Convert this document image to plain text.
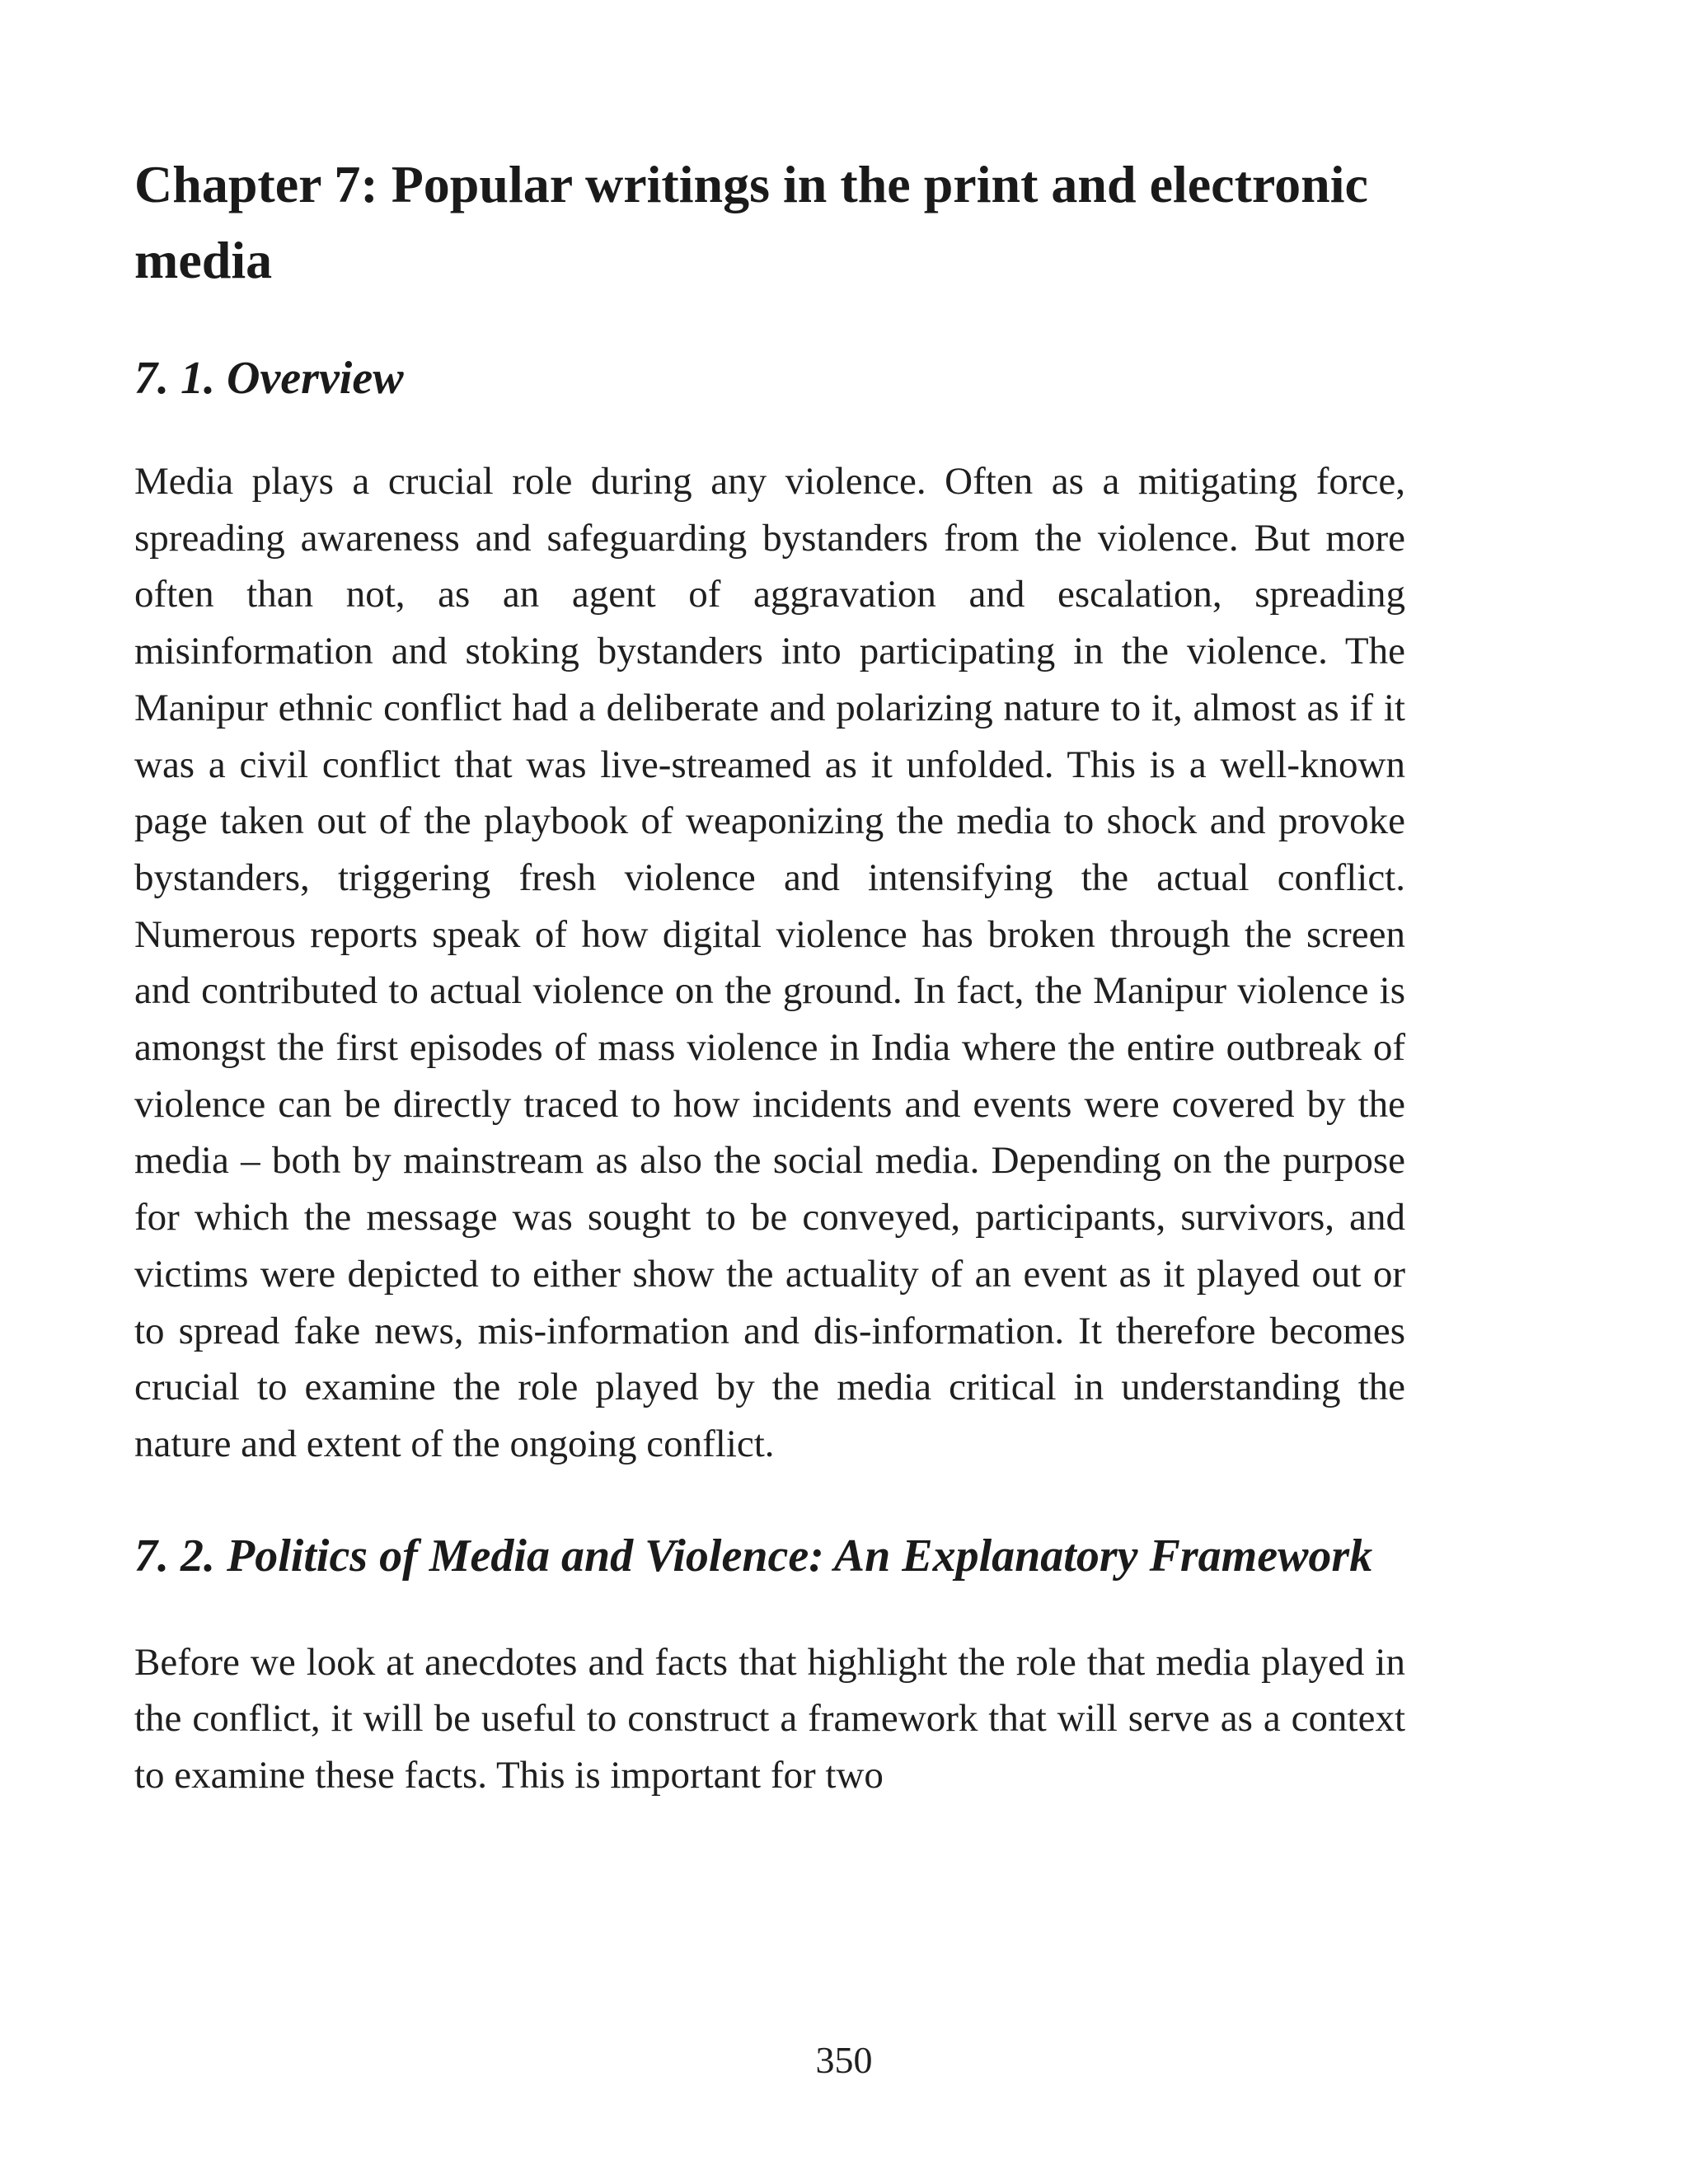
Chapter 7: Popular writings in the print and electronic media
7. 1. Overview

Media plays a crucial role during any violence. Often as a mitigating force, spreading awareness and safeguarding bystanders from the violence. But more often than not, as an agent of aggravation and escalation, spreading misinformation and stoking bystanders into participating in the violence. The Manipur ethnic conflict had a deliberate and polarizing nature to it, almost as if it was a civil conflict that was live-streamed as it unfolded. This is a well-known page taken out of the playbook of weaponizing the media to shock and provoke bystanders, triggering fresh violence and intensifying the actual conflict. Numerous reports speak of how digital violence has broken through the screen and contributed to actual violence on the ground. In fact, the Manipur violence is amongst the first episodes of mass violence in India where the entire outbreak of violence can be directly traced to how incidents and events were covered by the media – both by mainstream as also the social media. Depending on the purpose for which the message was sought to be conveyed, participants, survivors, and victims were depicted to either show the actuality of an event as it played out or to spread fake news, mis-information and dis-information. It therefore becomes crucial to examine the role played by the media critical in understanding the nature and extent of the ongoing conflict.

7. 2. Politics of Media and Violence: An Explanatory Framework

Before we look at anecdotes and facts that highlight the role that media played in the conflict, it will be useful to construct a framework that will serve as a context to examine these facts. This is important for two

350
